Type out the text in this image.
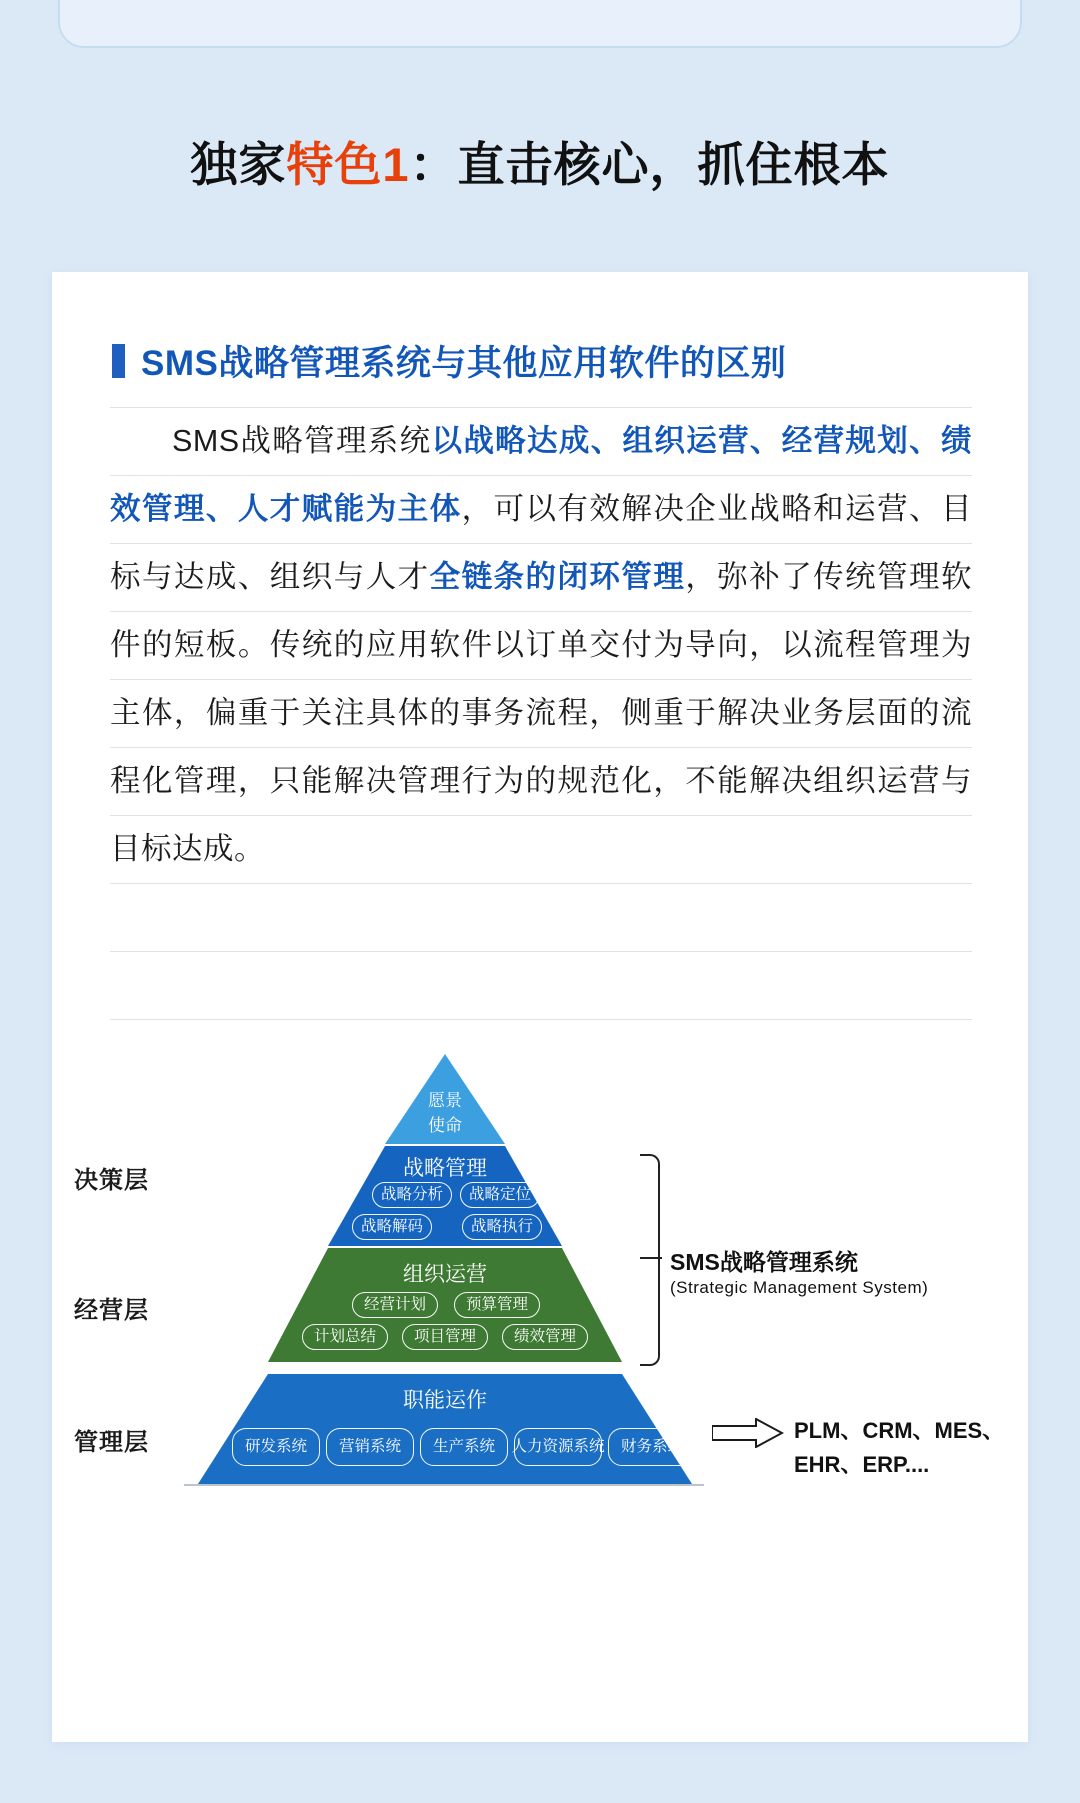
独家特色1：直击核心，抓住根本
SMS战略管理系统与其他应用软件的区别
SMS战略管理系统以战略达成、组织运营、经营规划、绩效管理、人才赋能为主体，可以有效解决企业战略和运营、目标与达成、组织与人才全链条的闭环管理，弥补了传统管理软件的短板。传统的应用软件以订单交付为导向，以流程管理为主体，偏重于关注具体的事务流程，侧重于解决业务层面的流程化管理，只能解决管理行为的规范化，不能解决组织运营与目标达成。
决策层
经营层
管理层
愿景
使命
战略管理
战略分析	战略定位
战略解码	战略执行
组织运营
经营计划	预算管理
计划总结	项目管理	绩效管理
职能运作
研发系统	营销系统	生产系统	人力资源系统	财务系统
SMS战略管理系统
(Strategic Management System)
PLM、CRM、MES、
EHR、ERP....
